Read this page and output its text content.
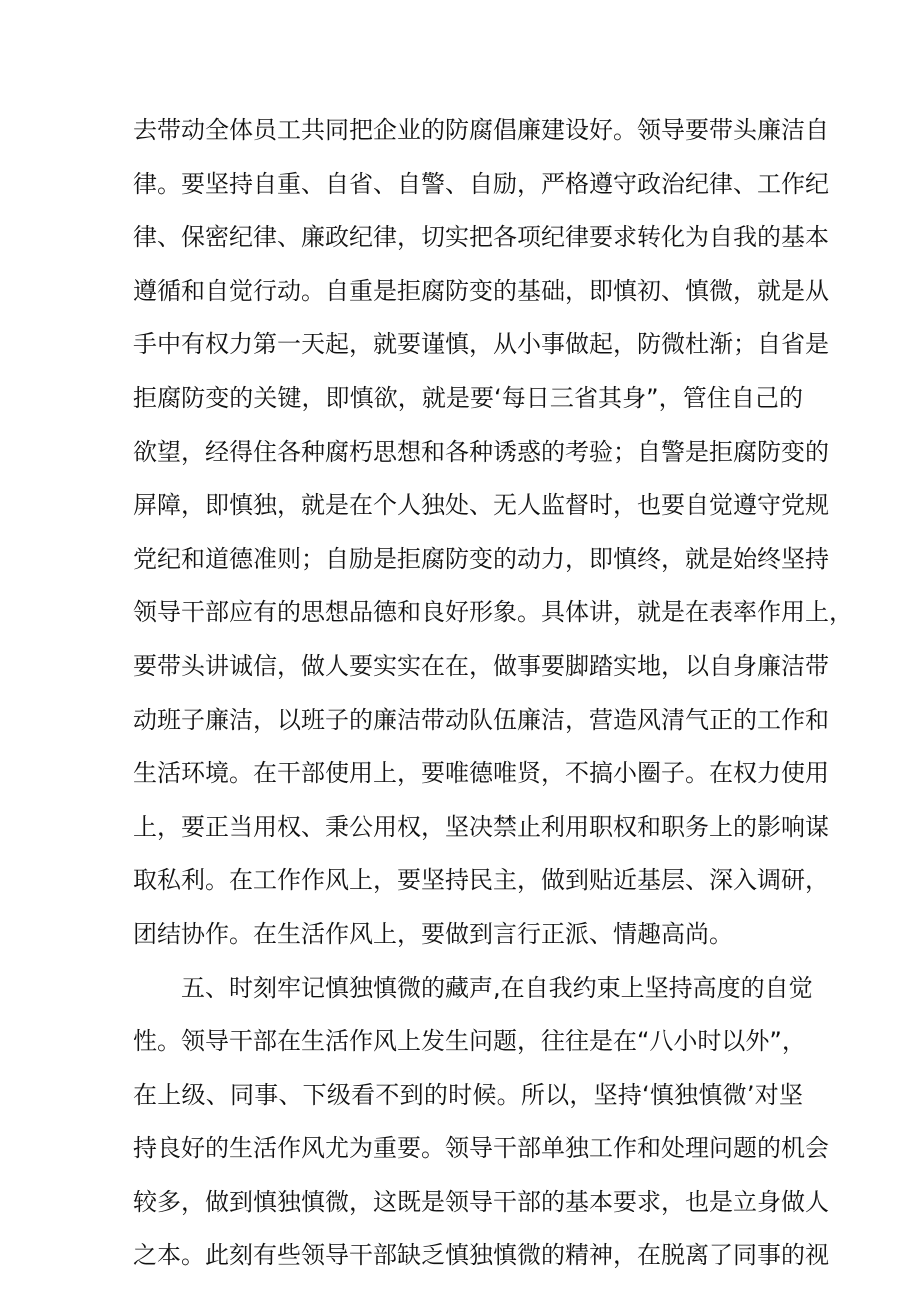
去带动全体员工共同把企业的防腐倡廉建设好。领导要带头廉洁自
律。要坚持自重、自省、自警、自励，严格遵守政治纪律、工作纪
律、保密纪律、廉政纪律，切实把各项纪律要求转化为自我的基本
遵循和自觉行动。自重是拒腐防变的基础，即慎初、慎微，就是从
手中有权力第一天起，就要谨慎，从小事做起，防微杜渐；自省是
拒腐防变的关键，即慎欲，就是要‘每日三省其身”，管住自己的
欲望，经得住各种腐朽思想和各种诱惑的考验；自警是拒腐防变的
屏障，即慎独，就是在个人独处、无人监督时，也要自觉遵守党规
党纪和道德准则；自励是拒腐防变的动力，即慎终，就是始终坚持
领导干部应有的思想品德和良好形象。具体讲，就是在表率作用上，
要带头讲诚信，做人要实实在在，做事要脚踏实地，以自身廉洁带
动班子廉洁，以班子的廉洁带动队伍廉洁，营造风清气正的工作和
生活环境。在干部使用上，要唯德唯贤，不搞小圈子。在权力使用
上，要正当用权、秉公用权，坚决禁止利用职权和职务上的影响谋
取私利。在工作作风上，要坚持民主，做到贴近基层、深入调研，
团结协作。在生活作风上，要做到言行正派、情趣高尚。
五、时刻牢记慎独慎微的藏声,在自我约束上坚持高度的自觉
性。领导干部在生活作风上发生问题，往往是在“八小时以外”，
在上级、同事、下级看不到的时候。所以，坚持‘慎独慎微’对坚
持良好的生活作风尤为重要。领导干部单独工作和处理问题的机会
较多，做到慎独慎微，这既是领导干部的基本要求，也是立身做人
之本。此刻有些领导干部缺乏慎独慎微的精神，在脱离了同事的视
